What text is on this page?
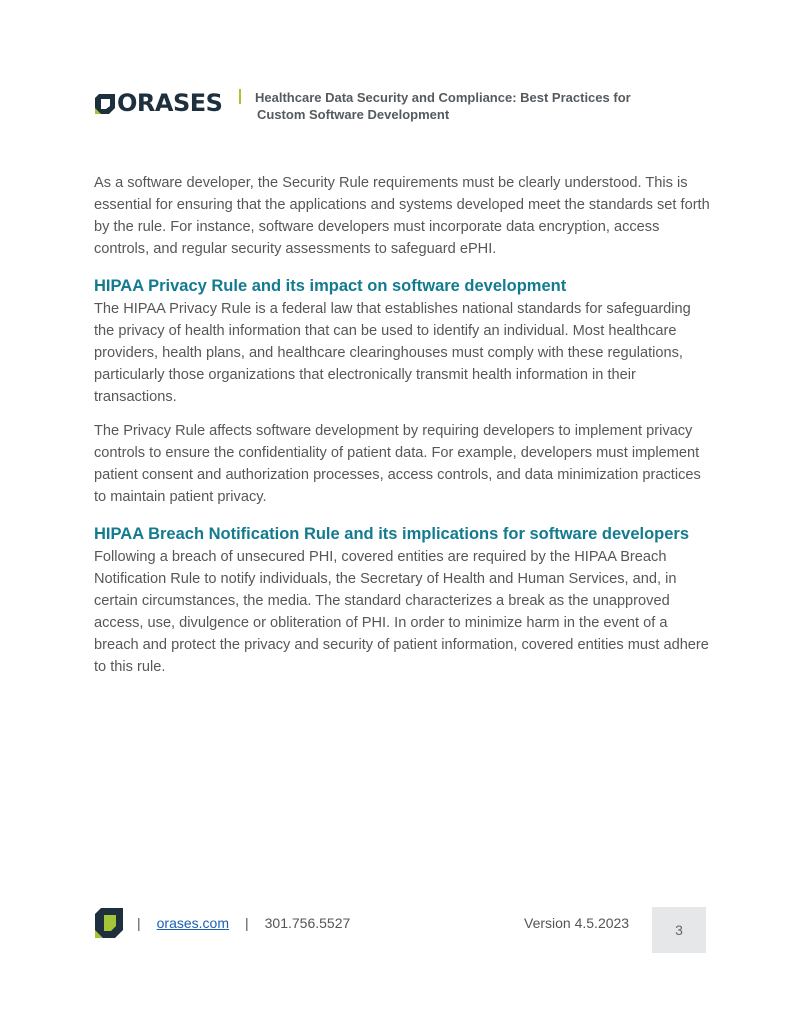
ORASES	Healthcare Data Security and Compliance: Best Practices for
Custom Software Development

As a software developer, the Security Rule requirements must be clearly understood. This is essential for ensuring that the applications and systems developed meet the standards set forth by the rule. For instance, software developers must incorporate data encryption, access controls, and regular security assessments to safeguard ePHI.

HIPAA Privacy Rule and its impact on software development

The HIPAA Privacy Rule is a federal law that establishes national standards for safeguarding the privacy of health information that can be used to identify an individual. Most healthcare providers, health plans, and healthcare clearinghouses must comply with these regulations, particularly those organizations that electronically transmit health information in their transactions.

The Privacy Rule affects software development by requiring developers to implement privacy controls to ensure the confidentiality of patient data. For example, developers must implement patient consent and authorization processes, access controls, and data minimization practices to maintain patient privacy.

HIPAA Breach Notification Rule and its implications for software developers

Following a breach of unsecured PHI, covered entities are required by the HIPAA Breach Notification Rule to notify individuals, the Secretary of Health and Human Services, and, in certain circumstances, the media. The standard characterizes a break as the unapproved access, use, divulgence or obliteration of PHI. In order to minimize harm in the event of a breach and protect the privacy and security of patient information, covered entities must adhere to this rule.

| orases.com | 301.756.5527	Version 4.5.2023	3
